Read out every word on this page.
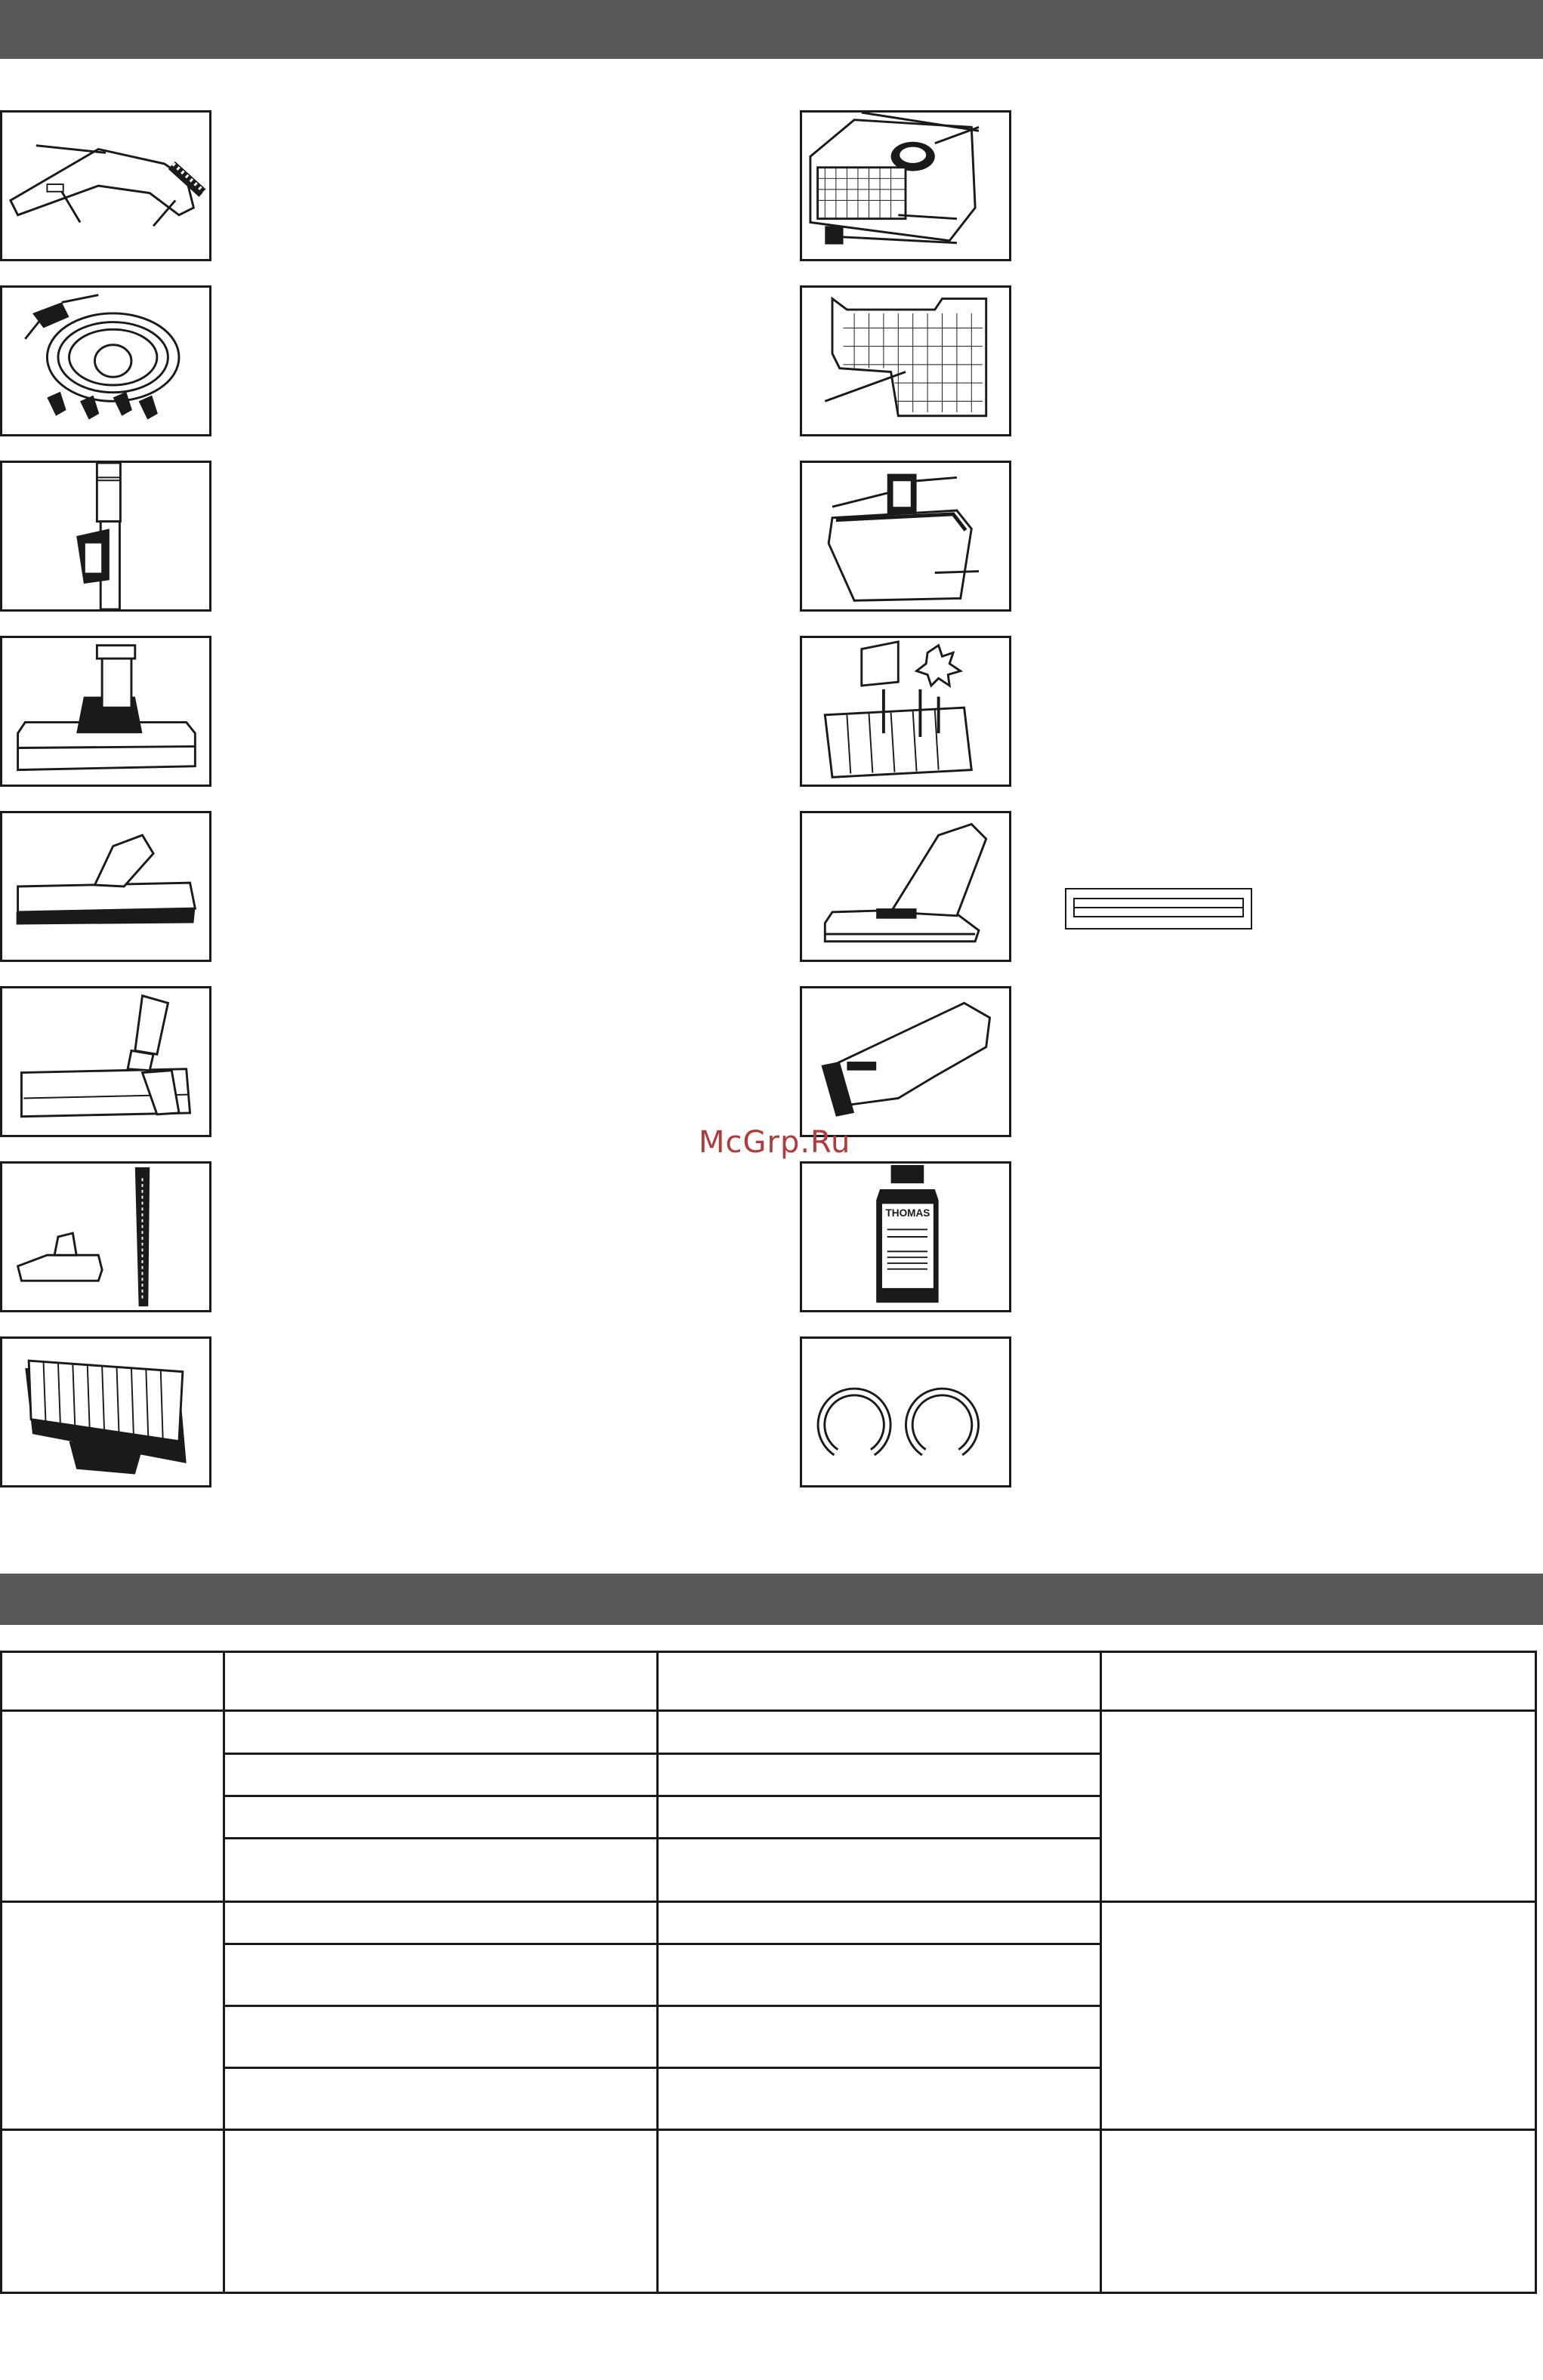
THOMAS
McGrp.Ru
